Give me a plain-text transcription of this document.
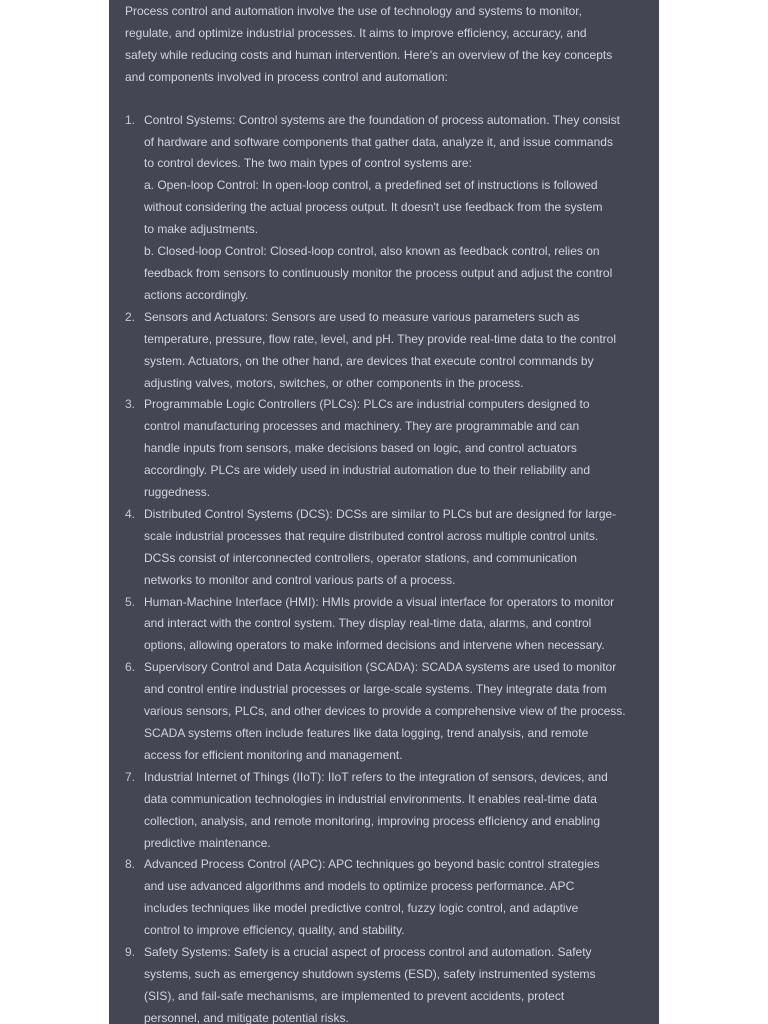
Process control and automation involve the use of technology and systems to monitor,
regulate, and optimize industrial processes. It aims to improve efficiency, accuracy, and
safety while reducing costs and human intervention. Here's an overview of the key concepts
and components involved in process control and automation:

1. Control Systems: Control systems are the foundation of process automation. They consist
of hardware and software components that gather data, analyze it, and issue commands
to control devices. The two main types of control systems are:
a. Open-loop Control: In open-loop control, a predefined set of instructions is followed
without considering the actual process output. It doesn't use feedback from the system
to make adjustments.
b. Closed-loop Control: Closed-loop control, also known as feedback control, relies on
feedback from sensors to continuously monitor the process output and adjust the control
actions accordingly.
2. Sensors and Actuators: Sensors are used to measure various parameters such as
temperature, pressure, flow rate, level, and pH. They provide real-time data to the control
system. Actuators, on the other hand, are devices that execute control commands by
adjusting valves, motors, switches, or other components in the process.
3. Programmable Logic Controllers (PLCs): PLCs are industrial computers designed to
control manufacturing processes and machinery. They are programmable and can
handle inputs from sensors, make decisions based on logic, and control actuators
accordingly. PLCs are widely used in industrial automation due to their reliability and
ruggedness.
4. Distributed Control Systems (DCS): DCSs are similar to PLCs but are designed for large-
scale industrial processes that require distributed control across multiple control units.
DCSs consist of interconnected controllers, operator stations, and communication
networks to monitor and control various parts of a process.
5. Human-Machine Interface (HMI): HMIs provide a visual interface for operators to monitor
and interact with the control system. They display real-time data, alarms, and control
options, allowing operators to make informed decisions and intervene when necessary.
6. Supervisory Control and Data Acquisition (SCADA): SCADA systems are used to monitor
and control entire industrial processes or large-scale systems. They integrate data from
various sensors, PLCs, and other devices to provide a comprehensive view of the process.
SCADA systems often include features like data logging, trend analysis, and remote
access for efficient monitoring and management.
7. Industrial Internet of Things (IIoT): IIoT refers to the integration of sensors, devices, and
data communication technologies in industrial environments. It enables real-time data
collection, analysis, and remote monitoring, improving process efficiency and enabling
predictive maintenance.
8. Advanced Process Control (APC): APC techniques go beyond basic control strategies
and use advanced algorithms and models to optimize process performance. APC
includes techniques like model predictive control, fuzzy logic control, and adaptive
control to improve efficiency, quality, and stability.
9. Safety Systems: Safety is a crucial aspect of process control and automation. Safety
systems, such as emergency shutdown systems (ESD), safety instrumented systems
(SIS), and fail-safe mechanisms, are implemented to prevent accidents, protect
personnel, and mitigate potential risks.
